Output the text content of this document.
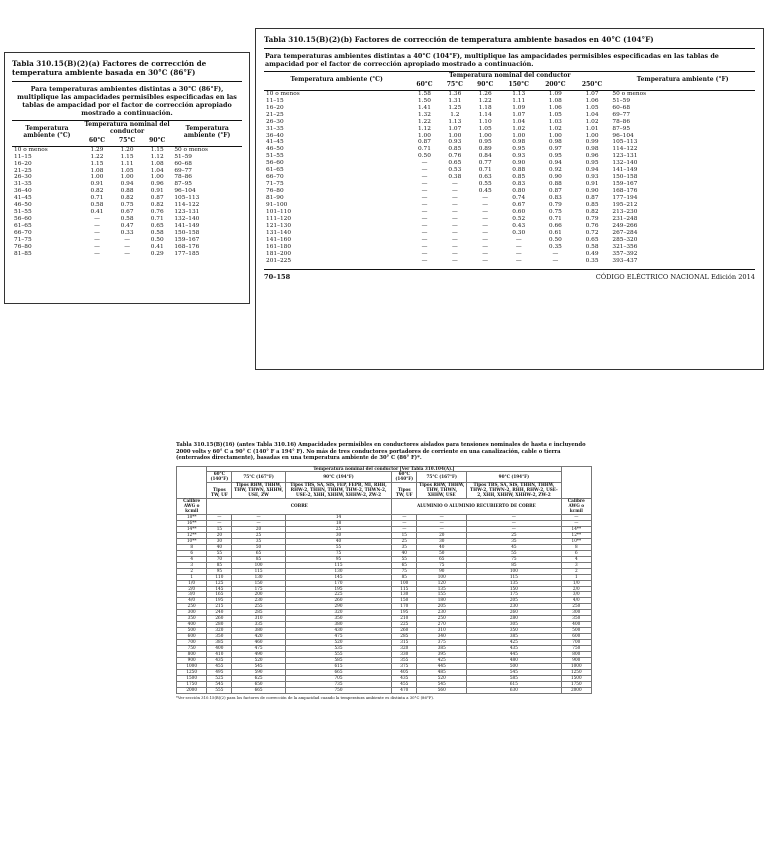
Tabla 310.15(B)(2)(a) Factores de corrección de temperatura ambiente basada en 30°C (86°F)
Para temperaturas ambientes distintas a 30°C (86°F), multiplique las ampacidades permisibles especificadas en las tablas de ampacidad por el factor de corrección apropiado mostrado a continuación.
Temperatura ambiente (°C)	Temperatura nominal del conductor			Temperatura ambiente (°F)
	60°C	75°C	90°C	
10 o menos	1.29	1.20	1.15	50 o menos
11–15	1.22	1.15	1.12	51–59
16–20	1.15	1.11	1.08	60–68
21–25	1.08	1.05	1.04	69–77
26–30	1.00	1.00	1.00	78–86
31–35	0.91	0.94	0.96	87–95
36–40	0.82	0.88	0.91	96–104
41–45	0.71	0.82	0.87	105–113
46–50	0.58	0.75	0.82	114–122
51–55	0.41	0.67	0.76	123–131
56–60	—	0.58	0.71	132–140
61–65	—	0.47	0.65	141–149
66–70	—	0.33	0.58	150–158
71–75	—	—	0.50	159–167
76–80	—	—	0.41	168–176
81–85	—	—	0.29	177–185
Tabla 310.15(B)(2)(b) Factores de corrección de temperatura ambiente basados en 40°C (104°F)
Para temperaturas ambientes distintas a 40°C (104°F), multiplique las ampacidades permisibles especificadas en las tablas de ampacidad por el factor de corrección apropiado mostrado a continuación.
Temperatura ambiente (°C)	Temperatura nominal del conductor						Temperatura ambiente (°F)
	60°C	75°C	90°C	150°C	200°C	250°C	
10 o menos	1.58	1.36	1.26	1.13	1.09	1.07	50 o menos
11–15	1.50	1.31	1.22	1.11	1.08	1.06	51–59
16–20	1.41	1.25	1.18	1.09	1.06	1.05	60–68
21–25	1.32	1.2	1.14	1.07	1.05	1.04	69–77
26–30	1.22	1.13	1.10	1.04	1.03	1.02	78–86
31–35	1.12	1.07	1.05	1.02	1.02	1.01	87–95
36–40	1.00	1.00	1.00	1.00	1.00	1.00	96–104
41–45	0.87	0.93	0.95	0.98	0.98	0.99	105–113
46–50	0.71	0.85	0.89	0.95	0.97	0.98	114–122
51–55	0.50	0.76	0.84	0.93	0.95	0.96	123–131
56–60	—	0.65	0.77	0.90	0.94	0.95	132–140
61–65	—	0.53	0.71	0.88	0.92	0.94	141–149
66–70	—	0.38	0.63	0.85	0.90	0.93	150–158
71–75	—	—	0.55	0.83	0.88	0.91	159–167
76–80	—	—	0.45	0.80	0.87	0.90	168–176
81–90	—	—	—	0.74	0.83	0.87	177–194
91–100	—	—	—	0.67	0.79	0.85	195–212
101–110	—	—	—	0.60	0.75	0.82	213–230
111–120	—	—	—	0.52	0.71	0.79	231–248
121–130	—	—	—	0.43	0.66	0.76	249–266
131–140	—	—	—	0.30	0.61	0.72	267–284
141–160	—	—	—	—	0.50	0.65	285–320
161–180	—	—	—	—	0.35	0.58	321–356
181–200	—	—	—	—	—	0.49	357–392
201–225	—	—	—	—	—	0.35	393–437
70–158	CÓDIGO ELÉCTRICO NACIONAL Edición 2014
Tabla 310.15(B)(16) (antes Tabla 310.16) Ampacidades permisibles en conductores aislados para tensiones nominales de hasta e incluyendo 2000 volts y 60° C a 90° C (140° F a 194° F). No más de tres conductores portadores de corriente en una canalización, cable o tierra (enterrados directamente), basadas en una temperatura ambiente de 30° C (86° F)*.
	Temperatura nominal del conductor [Ver Tabla 310.104(A).]						
	60°C (140°F)	75°C (167°F)	90°C (194°F)	60°C (140°F)	75°C (167°F)	90°C (194°F)	
	Tipos TW, UF	Tipos RHW, THHW, THW, THWN, XHHW, USE, ZW	Tipos TBS, SA, SIS, FEP, FEPB, MI, RHH, RHW-2, THHN, THHW, THW-2, THWN-2, USE-2, XHH, XHHW, XHHW-2, ZW-2	Tipos TW, UF	Tipos RHW, THHW, THW, THWN, XHHW, USE	Tipos TBS, SA, SIS, THHN, THHW, THW-2, THWN-2, RHH, RHW-2, USE-2, XHH, XHHW, XHHW-2, ZW-2	
Calibre AWG o kcmil	COBRE			ALUMINIO O ALUMINIO RECUBIERTO DE COBRE			Calibre AWG o kcmil
18**	—	—	14	—	—	—	—
16**	—	—	18	—	—	—	—
14**	15	20	25	—	—	—	14**
12**	20	25	30	15	20	25	12**
10**	30	35	40	25	30	35	10**
8	40	50	55	35	40	45	8
6	55	65	75	40	50	55	6
4	70	85	95	55	65	75	4
3	85	100	115	65	75	85	3
2	95	115	130	75	90	100	2
1	110	130	145	85	100	115	1
1/0	125	150	170	100	120	135	1/0
2/0	145	175	195	115	135	150	2/0
3/0	165	200	225	130	155	175	3/0
4/0	195	230	260	150	180	205	4/0
250	215	255	290	170	205	230	250
300	240	285	320	195	230	260	300
350	260	310	350	210	250	280	350
400	280	335	380	225	270	305	400
500	320	380	430	260	310	350	500
600	350	420	475	285	340	385	600
700	385	460	520	315	375	425	700
750	400	475	535	320	385	435	750
800	410	490	555	330	395	445	800
900	435	520	585	355	425	480	900
1000	455	545	615	375	445	500	1000
1250	495	590	665	405	485	545	1250
1500	525	625	705	435	520	585	1500
1750	545	650	735	455	545	615	1750
2000	555	665	750	470	560	630	2000
*Ver sección 310.15(B)(2) para los factores de corrección de la ampacidad cuando la temperatura ambiente es distinta a 30°C (86°F).
